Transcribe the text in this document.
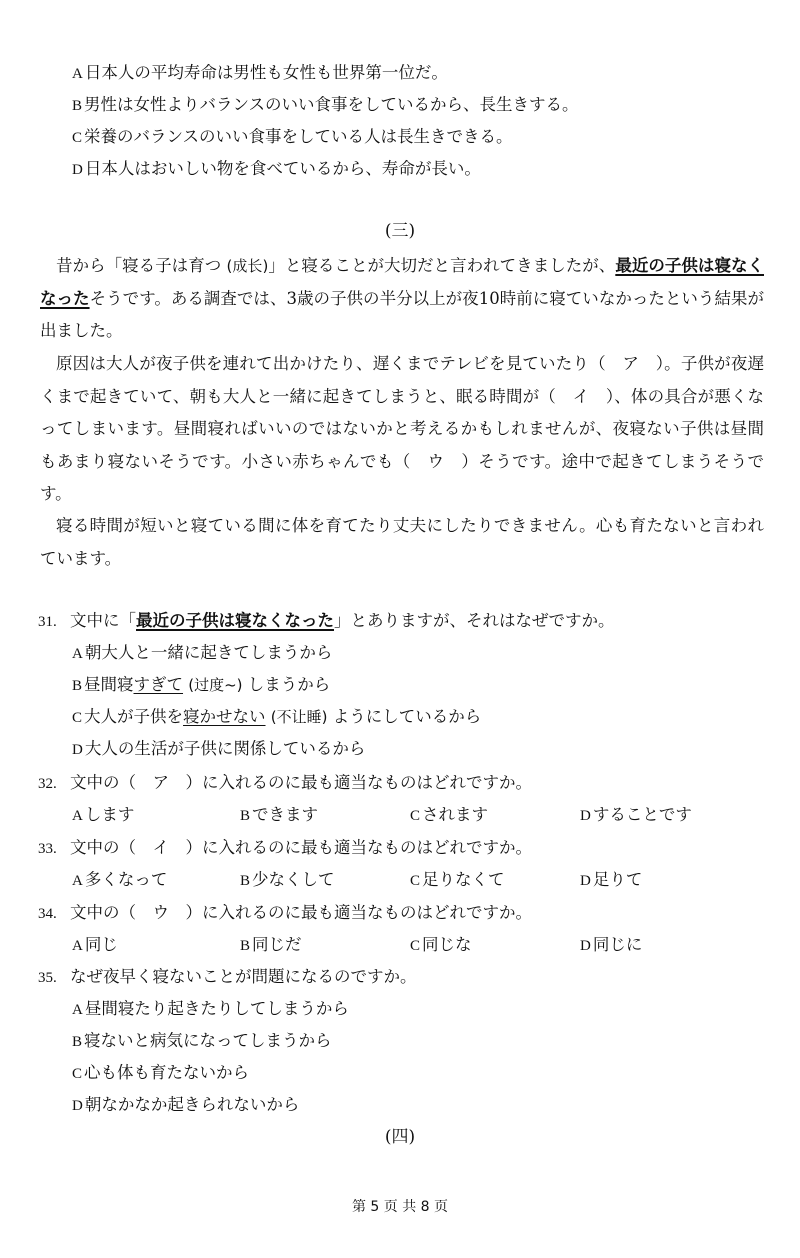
A 日本人の平均寿命は男性も女性も世界第一位だ。
B 男性は女性よりバランスのいい食事をしているから、長生きする。
C 栄養のバランスのいい食事をしている人は長生きできる。
D 日本人はおいしい物を食べているから、寿命が長い。
(三)
昔から「寝る子は育つ (成长)」と寝ることが大切だと言われてきましたが、最近の子供は寝なくなったそうです。ある調査では、3歳の子供の半分以上が夜10時前に寝ていなかったという結果が出ました。
原因は大人が夜子供を連れて出かけたり、遅くまでテレビを見ていたり（　ア　）。子供が夜遅くまで起きていて、朝も大人と一緒に起きてしまうと、眠る時間が（　イ　）、体の具合が悪くなってしまいます。昼間寝ればいいのではないかと考えるかもしれませんが、夜寝ない子供は昼間もあまり寝ないそうです。小さい赤ちゃんでも（　ウ　）そうです。途中で起きてしまうそうです。
寝る時間が短いと寝ている間に体を育てたり丈夫にしたりできません。心も育たないと言われています。
31. 文中に「最近の子供は寝なくなった」とありますが、それはなぜですか。
A 朝大人と一緒に起きてしまうから
B 昼間寝すぎて (过度~) しまうから
C 大人が子供を寝かせない (不让睡) ようにしているから
D 大人の生活が子供に関係しているから
32. 文中の（　ア　）に入れるのに最も適当なものはどれですか。
A します	B できます	C されます	D することです
33. 文中の（　イ　）に入れるのに最も適当なものはどれですか。
A 多くなって	B 少なくして	C 足りなくて	D 足りて
34. 文中の（　ウ　）に入れるのに最も適当なものはどれですか。
A 同じ	B 同じだ	C 同じな	D 同じに
35. なぜ夜早く寝ないことが問題になるのですか。
A 昼間寝たり起きたりしてしまうから
B 寝ないと病気になってしまうから
C 心も体も育たないから
D 朝なかなか起きられないから
(四)
第 5 页 共 8 页
